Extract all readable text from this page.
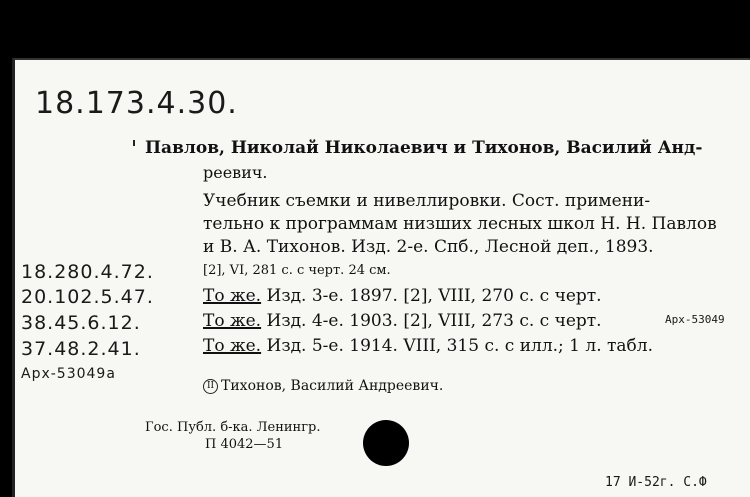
18.173.4.30.
Павлов, Николай Николаевич и Тихонов, Василий Анд-
реевич.
Учебник съемки и нивеллировки. Сост. примени-
тельно к программам низших лесных школ Н. Н. Павлов
и В. А. Тихонов. Изд. 2-е. Спб., Лесной деп., 1893.
[2], VI, 281 с. с черт. 24 см.
То же. Изд. 3-е. 1897. [2], VIII, 270 с. с черт.
То же. Изд. 4-е. 1903. [2], VIII, 273 с. с черт.
То же. Изд. 5-е. 1914. VIII, 315 с. с илл.; 1 л. табл.
18.280.4.72.
20.102.5.47.
38.45.6.12.
37.48.2.41.
Арх-53049а
Арх-53049
II Тихонов, Василий Андреевич.
Гос. Публ. б-ка. Ленингр.
П 4042—51
17 И-52г. С.Ф
